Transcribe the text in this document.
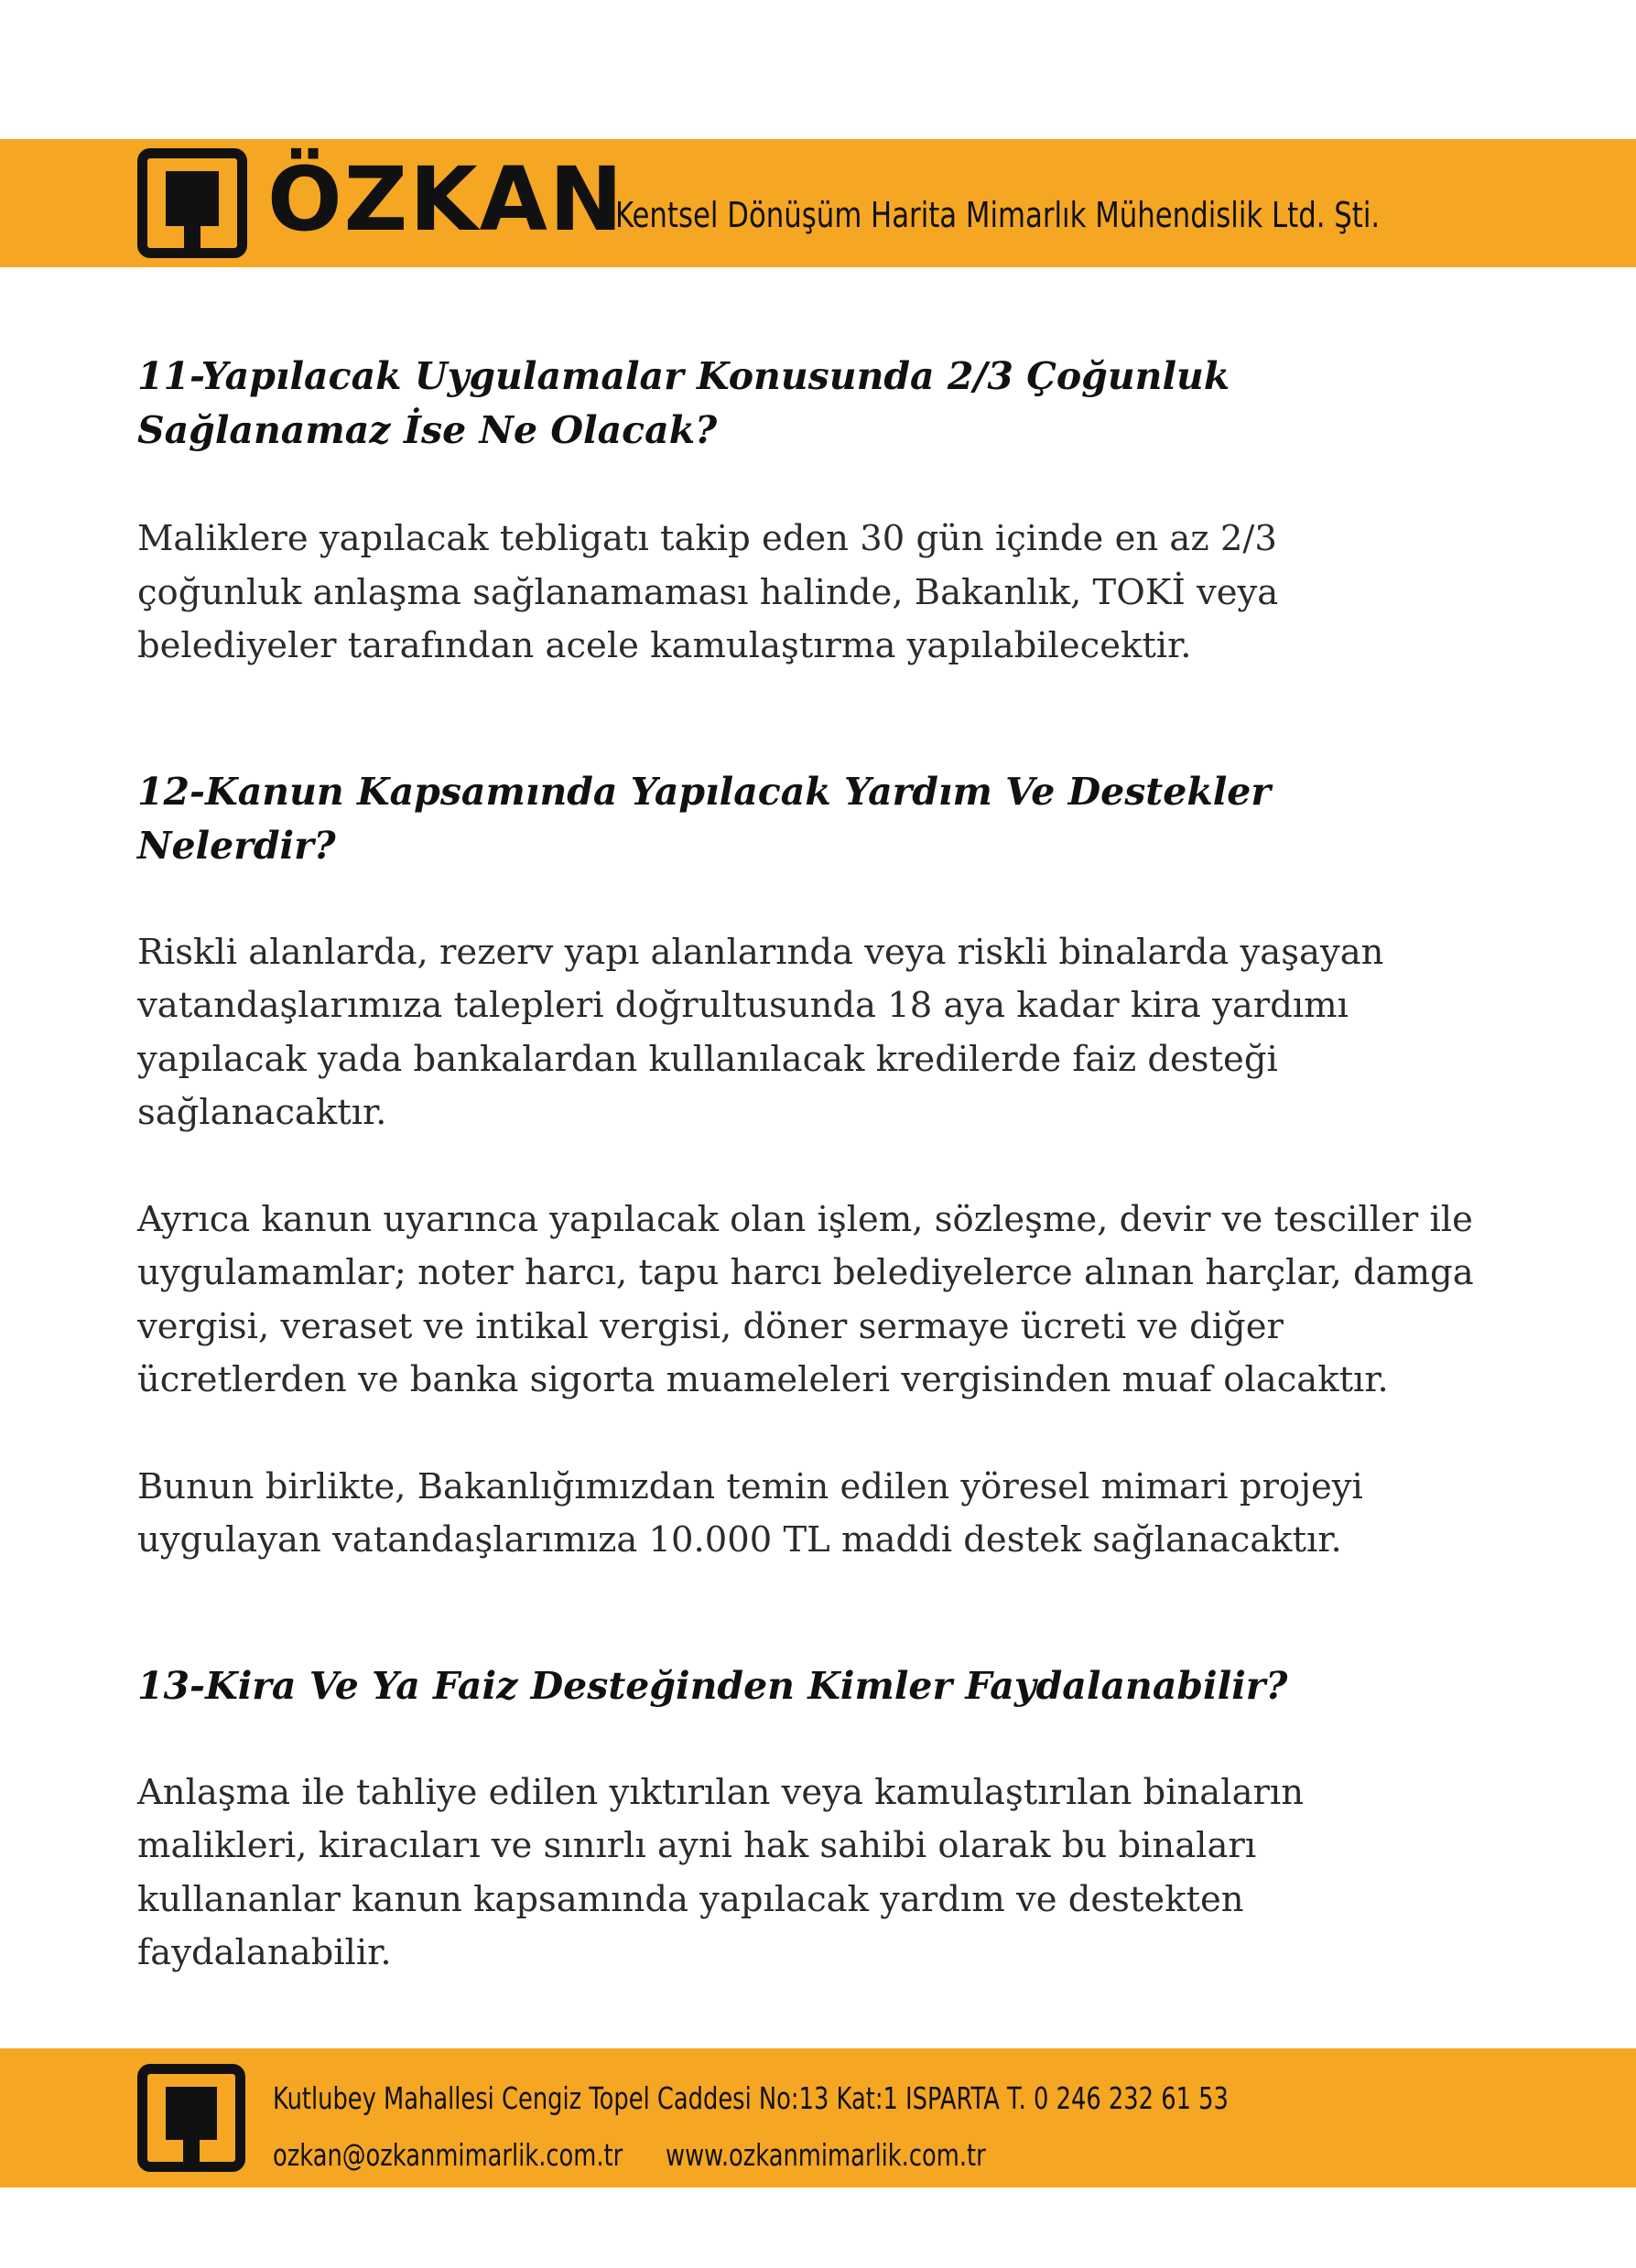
ÖZKAN
Kentsel Dönüşüm Harita Mimarlık Mühendislik Ltd. Şti.
11-Yapılacak Uygulamalar Konusunda 2/3 Çoğunluk
Sağlanamaz İse Ne Olacak?

Maliklere yapılacak tebligatı takip eden 30 gün içinde en az 2/3 çoğunluk anlaşma sağlanamaması halinde, Bakanlık, TOKİ veya belediyeler tarafından acele kamulaştırma yapılabilecektir.

12-Kanun Kapsamında Yapılacak Yardım Ve Destekler Nelerdir?

Riskli alanlarda, rezerv yapı alanlarında veya riskli binalarda yaşayan vatandaşlarımıza talepleri doğrultusunda 18 aya kadar kira yardımı yapılacak yada bankalardan kullanılacak kredilerde faiz desteği sağlanacaktır.

Ayrıca kanun uyarınca yapılacak olan işlem, sözleşme, devir ve tesciller ile uygulamamlar; noter harcı, tapu harcı belediyelerce alınan harçlar, damga vergisi, veraset ve intikal vergisi, döner sermaye ücreti ve diğer ücretlerden ve banka sigorta muameleleri vergisinden muaf olacaktır.

Bunun birlikte, Bakanlığımızdan temin edilen yöresel mimari projeyi uygulayan vatandaşlarımıza 10.000 TL maddi destek sağlanacaktır.

13-Kira Ve Ya Faiz Desteğinden Kimler Faydalanabilir?

Anlaşma ile tahliye edilen yıktırılan veya kamulaştırılan binaların malikleri, kiracıları ve sınırlı ayni hak sahibi olarak bu binaları kullananlar kanun kapsamında yapılacak yardım ve destekten faydalanabilir.

Kutlubey Mahallesi Cengiz Topel Caddesi No:13 Kat:1 ISPARTA T. 0 246 232 61 53
ozkan@ozkanmimarlik.com.tr www.ozkanmimarlik.com.tr
